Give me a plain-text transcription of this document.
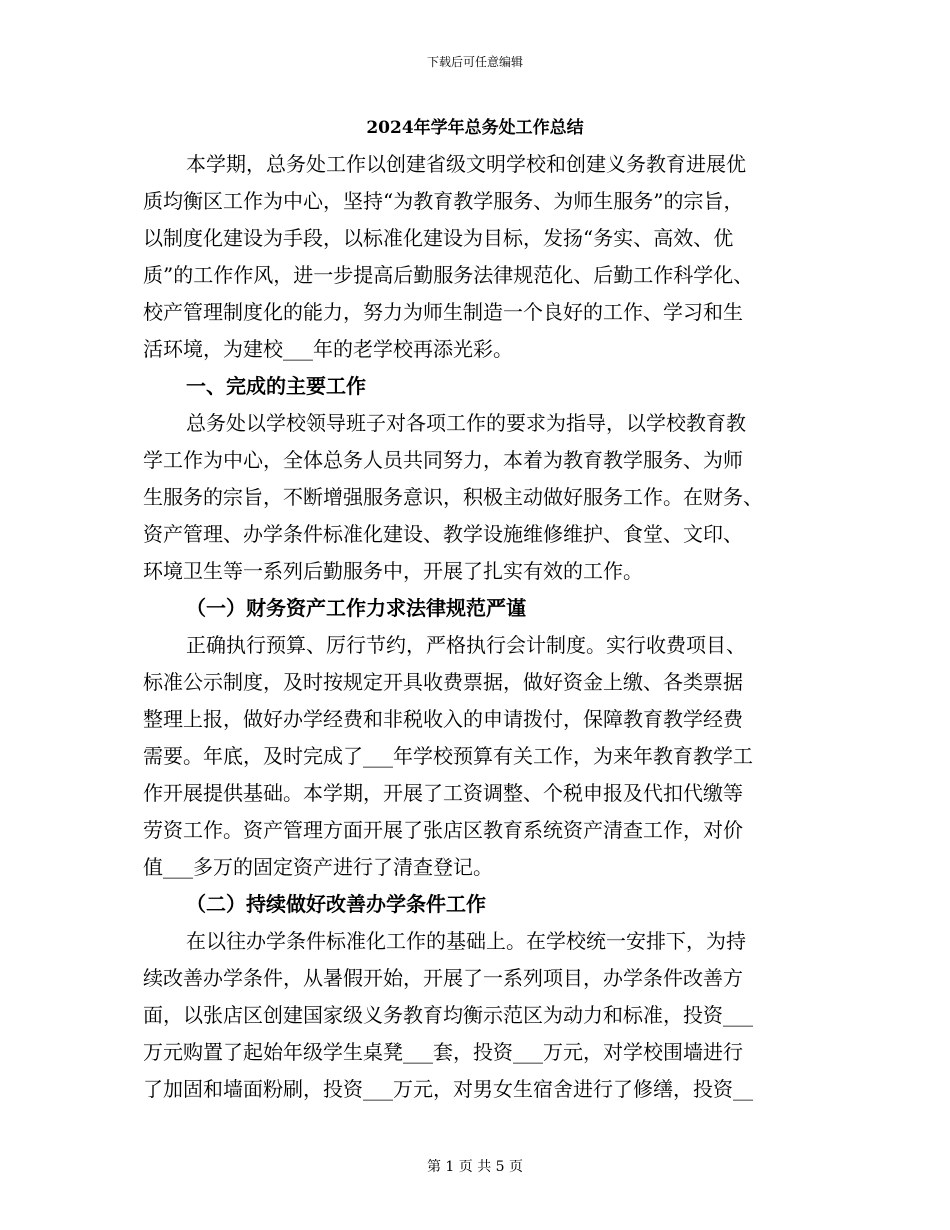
下载后可任意编辑
2024年学年总务处工作总结
本学期，总务处工作以创建省级文明学校和创建义务教育进展优
质均衡区工作为中心，坚持“为教育教学服务、为师生服务”的宗旨，
以制度化建设为手段，以标准化建设为目标，发扬“务实、高效、优
质”的工作作风，进一步提高后勤服务法律规范化、后勤工作科学化、
校产管理制度化的能力，努力为师生制造一个良好的工作、学习和生
活环境，为建校___年的老学校再添光彩。
一、完成的主要工作
总务处以学校领导班子对各项工作的要求为指导，以学校教育教
学工作为中心，全体总务人员共同努力，本着为教育教学服务、为师
生服务的宗旨，不断增强服务意识，积极主动做好服务工作。在财务、
资产管理、办学条件标准化建设、教学设施维修维护、食堂、文印、
环境卫生等一系列后勤服务中，开展了扎实有效的工作。
（一）财务资产工作力求法律规范严谨
正确执行预算、厉行节约，严格执行会计制度。实行收费项目、
标准公示制度，及时按规定开具收费票据，做好资金上缴、各类票据
整理上报，做好办学经费和非税收入的申请拨付，保障教育教学经费
需要。年底，及时完成了___年学校预算有关工作，为来年教育教学工
作开展提供基础。本学期，开展了工资调整、个税申报及代扣代缴等
劳资工作。资产管理方面开展了张店区教育系统资产清查工作，对价
值___多万的固定资产进行了清查登记。
（二）持续做好改善办学条件工作
在以往办学条件标准化工作的基础上。在学校统一安排下，为持
续改善办学条件，从暑假开始，开展了一系列项目，办学条件改善方
面，以张店区创建国家级义务教育均衡示范区为动力和标准，投资___
万元购置了起始年级学生桌凳___套，投资___万元，对学校围墙进行
了加固和墙面粉刷，投资___万元，对男女生宿舍进行了修缮，投资__
第 1 页 共 5 页
